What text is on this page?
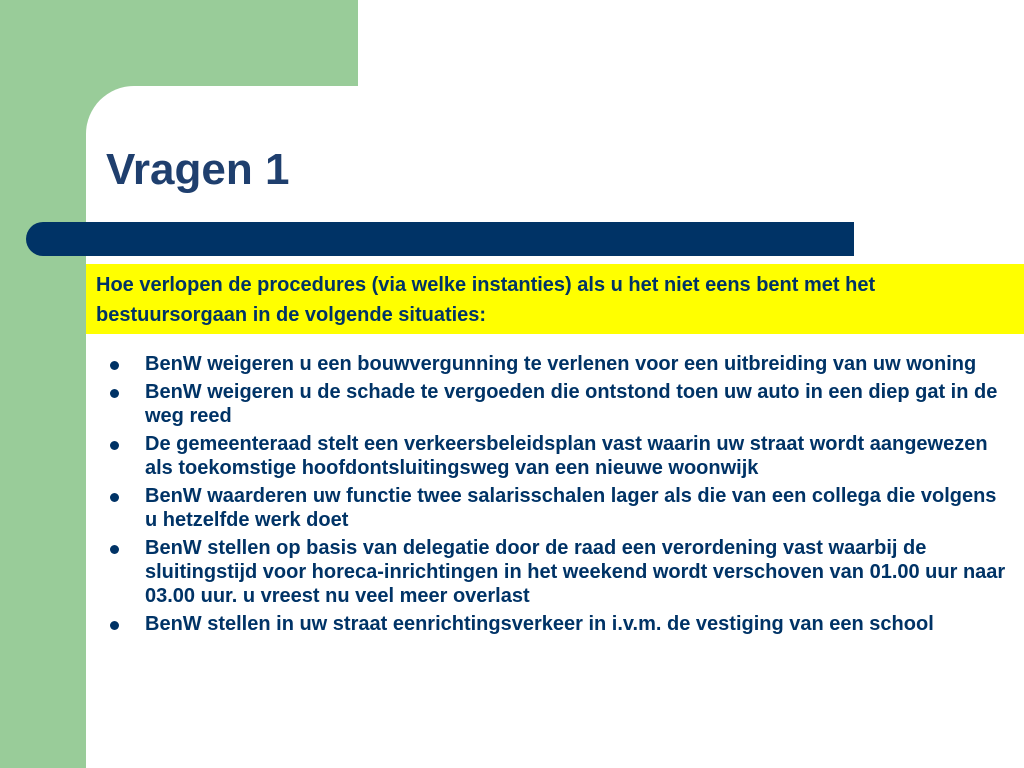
Vragen 1
Hoe verlopen de procedures (via welke instanties) als u het niet eens bent met het bestuursorgaan in de volgende situaties:
BenW weigeren u een bouwvergunning te verlenen voor een uitbreiding van uw woning
BenW weigeren u de schade te vergoeden die ontstond toen uw auto in een diep gat in de weg reed
De gemeenteraad stelt een verkeersbeleidsplan vast waarin uw straat wordt aangewezen als toekomstige hoofdontsluitingsweg van een nieuwe woonwijk
BenW waarderen uw functie twee salarisschalen lager als die van een collega die volgens u hetzelfde werk doet
BenW stellen op basis van delegatie door de raad een verordening vast waarbij de sluitingstijd voor horeca-inrichtingen in het weekend wordt verschoven van 01.00 uur naar 03.00 uur. u vreest nu veel meer overlast
BenW stellen in uw straat eenrichtingsverkeer in i.v.m. de vestiging van een school
